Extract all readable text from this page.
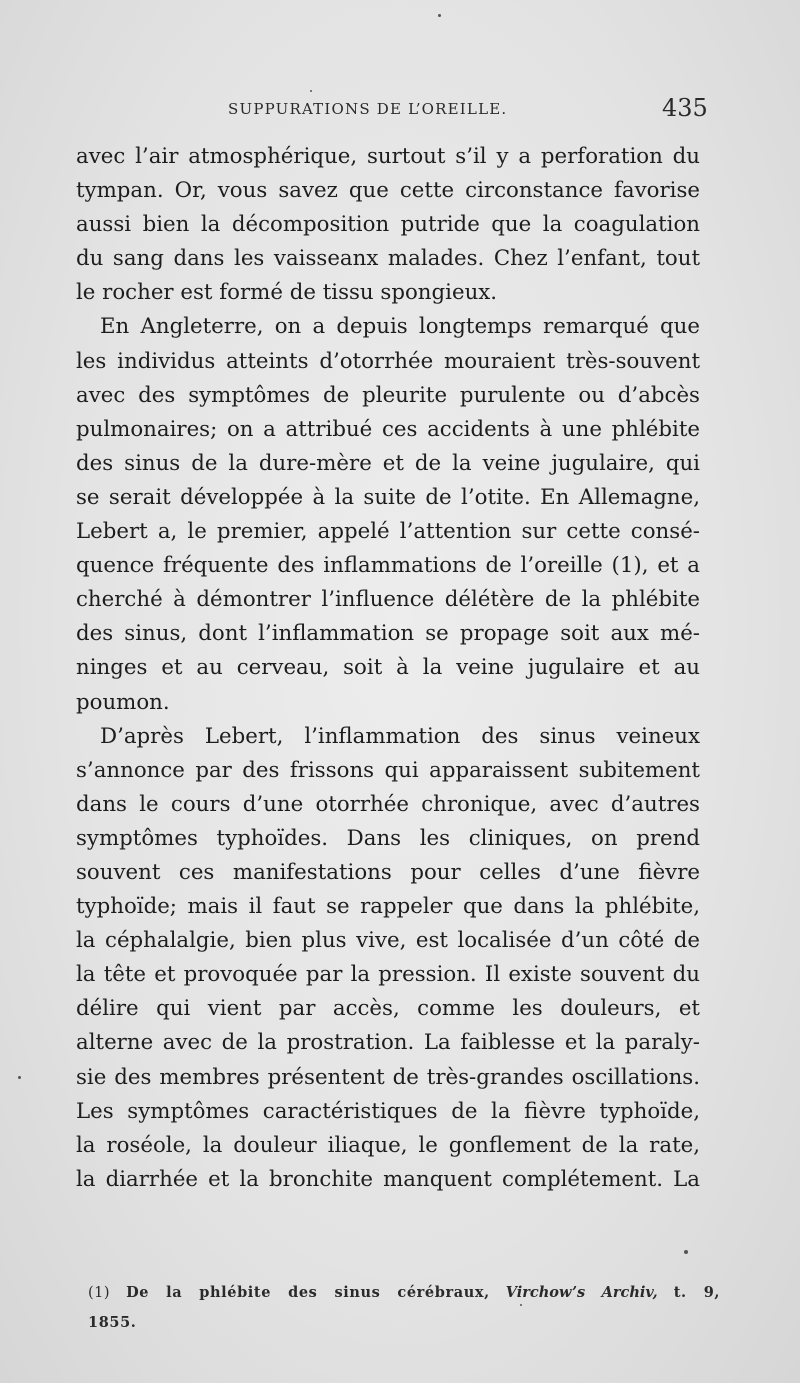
SUPPURATIONS DE L’OREILLE.	435
avec l’air atmosphérique, surtout s’il y a perforation du
tympan. Or, vous savez que cette circonstance favorise
aussi bien la décomposition putride que la coagulation
du sang dans les vaisseanx malades. Chez l’enfant, tout
le rocher est formé de tissu spongieux.
En Angleterre, on a depuis longtemps remarqué que
les individus atteints d’otorrhée mouraient très-souvent
avec des symptômes de pleurite purulente ou d’abcès
pulmonaires; on a attribué ces accidents à une phlébite
des sinus de la dure-mère et de la veine jugulaire, qui
se serait développée à la suite de l’otite. En Allemagne,
Lebert a, le premier, appelé l’attention sur cette consé-
quence fréquente des inflammations de l’oreille (1), et a
cherché à démontrer l’influence délétère de la phlébite
des sinus, dont l’inflammation se propage soit aux mé-
ninges et au cerveau, soit à la veine jugulaire et au
poumon.
D’après Lebert, l’inflammation des sinus veineux
s’annonce par des frissons qui apparaissent subitement
dans le cours d’une otorrhée chronique, avec d’autres
symptômes typhoïdes. Dans les cliniques, on prend
souvent ces manifestations pour celles d’une fièvre
typhoïde; mais il faut se rappeler que dans la phlébite,
la céphalalgie, bien plus vive, est localisée d’un côté de
la tête et provoquée par la pression. Il existe souvent du
délire qui vient par accès, comme les douleurs, et
alterne avec de la prostration. La faiblesse et la paraly-
sie des membres présentent de très-grandes oscillations.
Les symptômes caractéristiques de la fièvre typhoïde,
la roséole, la douleur iliaque, le gonflement de la rate,
la diarrhée et la bronchite manquent complétement. La
(1) De la phlébite des sinus cérébraux, Virchow’s Archiv, t. 9,
1855.
